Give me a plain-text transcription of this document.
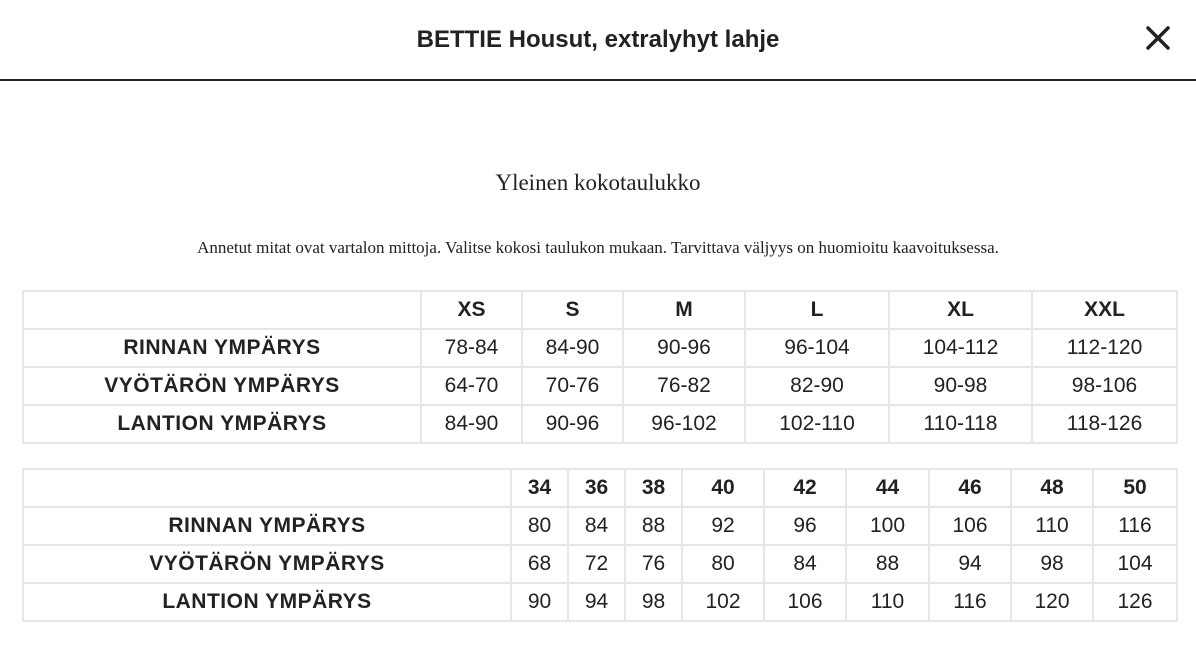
BETTIE Housut, extralyhyt lahje
Yleinen kokotaulukko
Annetut mitat ovat vartalon mittoja. Valitse kokosi taulukon mukaan. Tarvittava väljyys on huomioitu kaavoituksessa.
	XS	S	M	L	XL	XXL
RINNAN YMPÄRYS	78-84	84-90	90-96	96-104	104-112	112-120
VYÖTÄRÖN YMPÄRYS	64-70	70-76	76-82	82-90	90-98	98-106
LANTION YMPÄRYS	84-90	90-96	96-102	102-110	110-118	118-126
	34	36	38	40	42	44	46	48	50
RINNAN YMPÄRYS	80	84	88	92	96	100	106	110	116
VYÖTÄRÖN YMPÄRYS	68	72	76	80	84	88	94	98	104
LANTION YMPÄRYS	90	94	98	102	106	110	116	120	126
